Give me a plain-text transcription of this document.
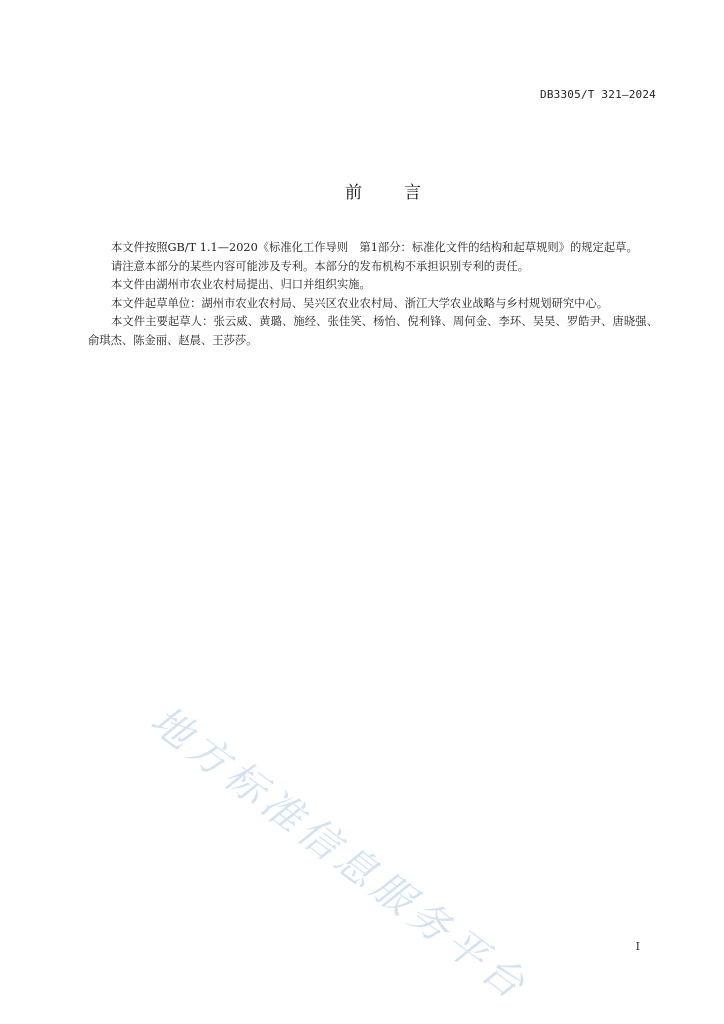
DB3305/T 321—2024
前言

本文件按照GB/T 1.1—2020《标准化工作导则　第1部分：标准化文件的结构和起草规则》的规定起草。

请注意本部分的某些内容可能涉及专利。本部分的发布机构不承担识别专利的责任。

本文件由湖州市农业农村局提出、归口并组织实施。

本文件起草单位：湖州市农业农村局、吴兴区农业农村局、浙江大学农业战略与乡村规划研究中心。

本文件主要起草人：张云威、黄璐、施经、张佳笑、杨怡、倪利锋、周何金、李环、吴昊、罗皓尹、唐晓强、俞琪杰、陈金丽、赵晨、王莎莎。

地方标准信息服务平台	I
